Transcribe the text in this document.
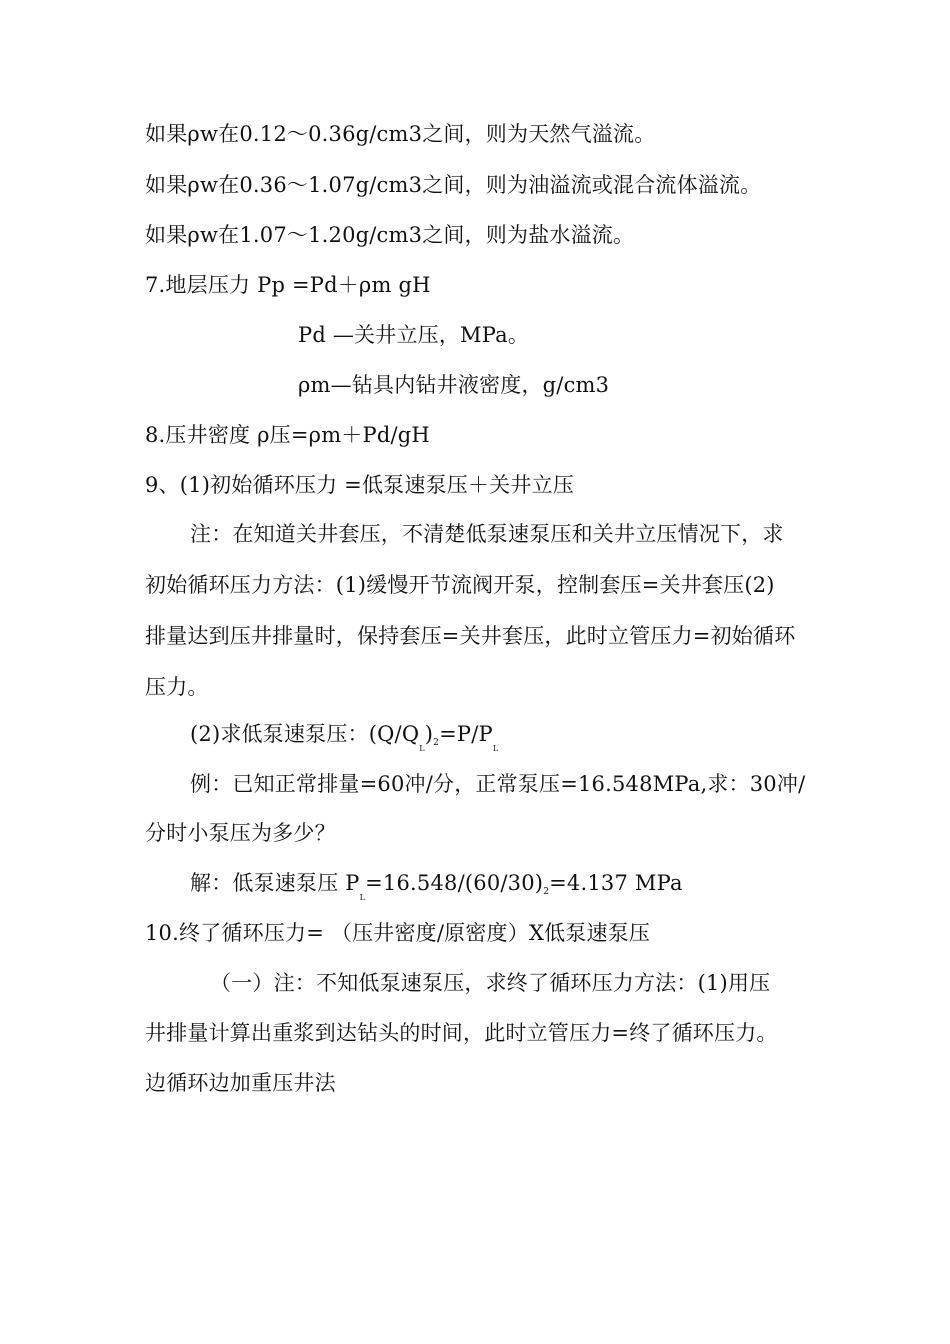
如果ρw在0.12～0.36g/cm3之间，则为天然气溢流。
如果ρw在0.36～1.07g/cm3之间，则为油溢流或混合流体溢流。
如果ρw在1.07～1.20g/cm3之间，则为盐水溢流。
7.地层压力 Pp =Pd＋ρm gH
Pd —关井立压，MPa。
ρm—钻具内钻井液密度，g/cm3
8.压井密度 ρ压=ρm＋Pd/gH
9、(1)初始循环压力 =低泵速泵压＋关井立压
注：在知道关井套压，不清楚低泵速泵压和关井立压情况下，求
初始循环压力方法：(1)缓慢开节流阀开泵，控制套压=关井套压(2)
排量达到压井排量时，保持套压=关井套压，此时立管压力=初始循环
压力。
(2)求低泵速泵压：$(Q/Q_L)2=P/P_L$
例：已知正常排量=60冲/分，正常泵压=16.548MPa,求：30冲/
分时小泵压为多少？
解：低泵速泵压 $P_L=16.548/(60/30)2=4.137$ MPa
10.终了循环压力= （压井密度/原密度）X低泵速泵压
（一）注：不知低泵速泵压，求终了循环压力方法：(1)用压
井排量计算出重浆到达钻头的时间，此时立管压力=终了循环压力。
边循环边加重压井法
